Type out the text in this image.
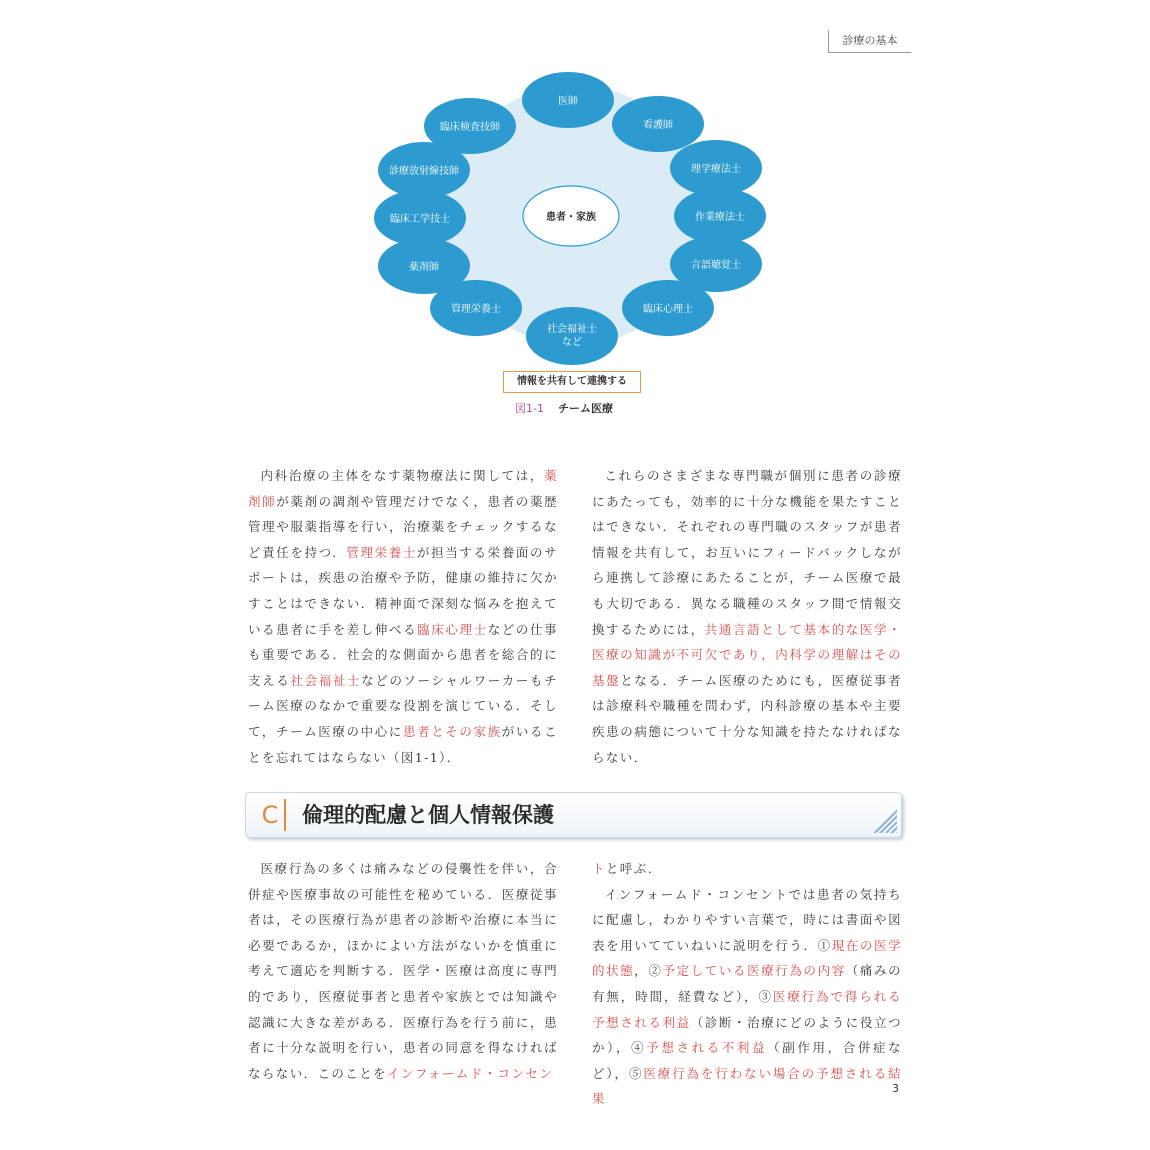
診療の基本
患者・家族
医師
看護師
理学療法士
作業療法士
言語聴覚士
臨床心理士
社会福祉士
など
管理栄養士
薬剤師
臨床工学技士
診療放射線技師
臨床検査技師
情報を共有して連携する
図1-1 チーム医療

内科治療の主体をなす薬物療法に関しては，薬剤師が薬剤の調剤や管理だけでなく，患者の薬歴管理や服薬指導を行い，治療薬をチェックするなど責任を持つ．管理栄養士が担当する栄養面のサポートは，疾患の治療や予防，健康の維持に欠かすことはできない．精神面で深刻な悩みを抱えている患者に手を差し伸べる臨床心理士などの仕事も重要である．社会的な側面から患者を総合的に支える社会福祉士などのソーシャルワーカーもチーム医療のなかで重要な役割を演じている．そして，チーム医療の中心に患者とその家族がいることを忘れてはならない（図1-1）．

これらのさまざまな専門職が個別に患者の診療にあたっても，効率的に十分な機能を果たすことはできない．それぞれの専門職のスタッフが患者情報を共有して，お互いにフィードバックしながら連携して診療にあたることが，チーム医療で最も大切である．異なる職種のスタッフ間で情報交換するためには，共通言語として基本的な医学・医療の知識が不可欠であり，内科学の理解はその基盤となる．チーム医療のためにも，医療従事者は診療科や職種を問わず，内科診療の基本や主要疾患の病態について十分な知識を持たなければならない．

C	倫理的配慮と個人情報保護

医療行為の多くは痛みなどの侵襲性を伴い，合併症や医療事故の可能性を秘めている．医療従事者は，その医療行為が患者の診断や治療に本当に必要であるか，ほかによい方法がないかを慎重に考えて適応を判断する．医学・医療は高度に専門的であり，医療従事者と患者や家族とでは知識や認識に大きな差がある．医療行為を行う前に，患者に十分な説明を行い，患者の同意を得なければならない．このことをインフォームド・コンセン

トと呼ぶ．

インフォームド・コンセントでは患者の気持ちに配慮し，わかりやすい言葉で，時には書面や図表を用いてていねいに説明を行う．①現在の医学的状態，②予定している医療行為の内容（痛みの有無，時間，経費など），③医療行為で得られる予想される利益（診断・治療にどのように役立つか），④予想される不利益（副作用，合併症など），⑤医療行為を行わない場合の予想される結果

3
